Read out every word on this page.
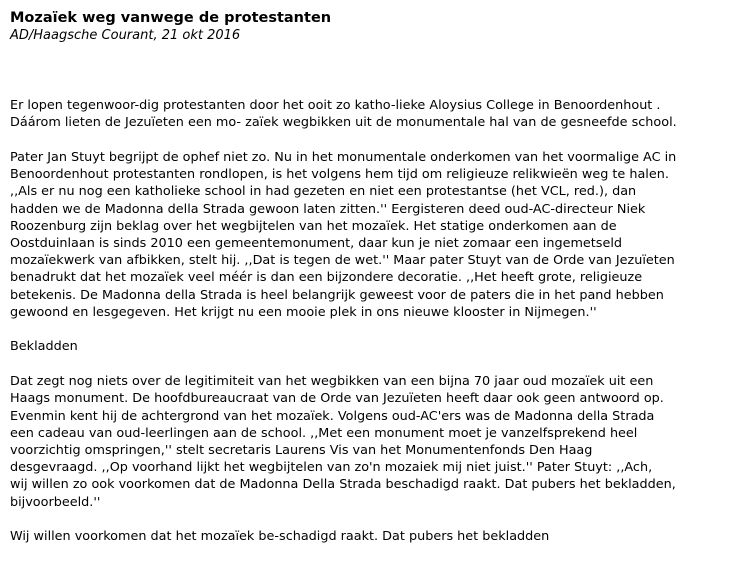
Mozaïek weg vanwege de protestanten
AD/Haagsche Courant, 21 okt 2016

Er lopen tegenwoor-dig protestanten door het ooit zo katho-lieke Aloysius College in Benoordenhout .
Dáárom lieten de Jezuïeten een mo- zaïek wegbikken uit de monumentale hal van de gesneefde school.

Pater Jan Stuyt begrijpt de ophef niet zo. Nu in het monumentale onderkomen van het voormalige AC in
Benoordenhout protestanten rondlopen, is het volgens hem tijd om religieuze relikwieën weg te halen.
,,Als er nu nog een katholieke school in had gezeten en niet een protestantse (het VCL, red.), dan
hadden we de Madonna della Strada gewoon laten zitten.'' Eergisteren deed oud-AC-directeur Niek
Roozenburg zijn beklag over het wegbijtelen van het mozaïek. Het statige onderkomen aan de
Oostduinlaan is sinds 2010 een gemeentemonument, daar kun je niet zomaar een ingemetseld
mozaïekwerk van afbikken, stelt hij. ,,Dat is tegen de wet.'' Maar pater Stuyt van de Orde van Jezuïeten
benadrukt dat het mozaïek veel méér is dan een bijzondere decoratie. ,,Het heeft grote, religieuze
betekenis. De Madonna della Strada is heel belangrijk geweest voor de paters die in het pand hebben
gewoond en lesgegeven. Het krijgt nu een mooie plek in ons nieuwe klooster in Nijmegen.''

Bekladden

Dat zegt nog niets over de legitimiteit van het wegbikken van een bijna 70 jaar oud mozaïek uit een
Haags monument. De hoofdbureaucraat van de Orde van Jezuïeten heeft daar ook geen antwoord op.
Evenmin kent hij de achtergrond van het mozaïek. Volgens oud-AC'ers was de Madonna della Strada
een cadeau van oud-leerlingen aan de school. ,,Met een monument moet je vanzelfsprekend heel
voorzichtig omspringen,'' stelt secretaris Laurens Vis van het Monumentenfonds Den Haag
desgevraagd. ,,Op voorhand lijkt het wegbijtelen van zo'n mozaiek mij niet juist.'' Pater Stuyt: ,,Ach,
wij willen zo ook voorkomen dat de Madonna Della Strada beschadigd raakt. Dat pubers het bekladden,
bijvoorbeeld.''

Wij willen voorkomen dat het mozaïek be-schadigd raakt. Dat pubers het bekladden
